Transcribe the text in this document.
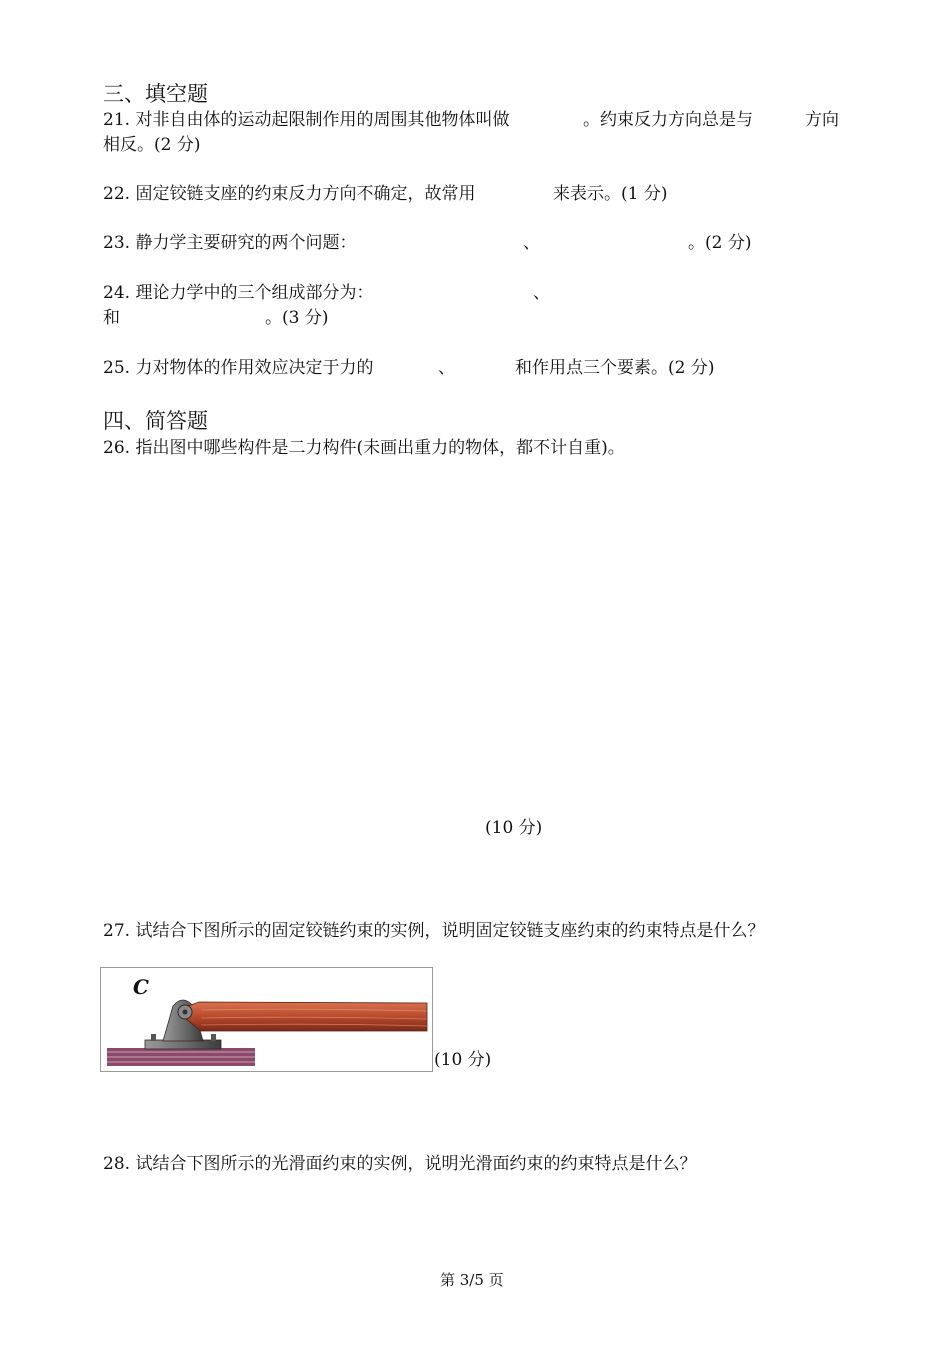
三、填空题
21. 对非自由体的运动起限制作用的周围其他物体叫做	。约束反力方向总是与	方向
相反。(2 分)
22. 固定铰链支座的约束反力方向不确定，故常用	来表示。(1 分)
23. 静力学主要研究的两个问题：	、	。(2 分)
24. 理论力学中的三个组成部分为：	、
和	。(3 分)
25. 力对物体的作用效应决定于力的	、	和作用点三个要素。(2 分)
四、简答题
26. 指出图中哪些构件是二力构件(未画出重力的物体，都不计自重)。
(10 分)
27. 试结合下图所示的固定铰链约束的实例，说明固定铰链支座约束的约束特点是什么？
C
(10 分)
28. 试结合下图所示的光滑面约束的实例，说明光滑面约束的约束特点是什么？
第 3/5 页
